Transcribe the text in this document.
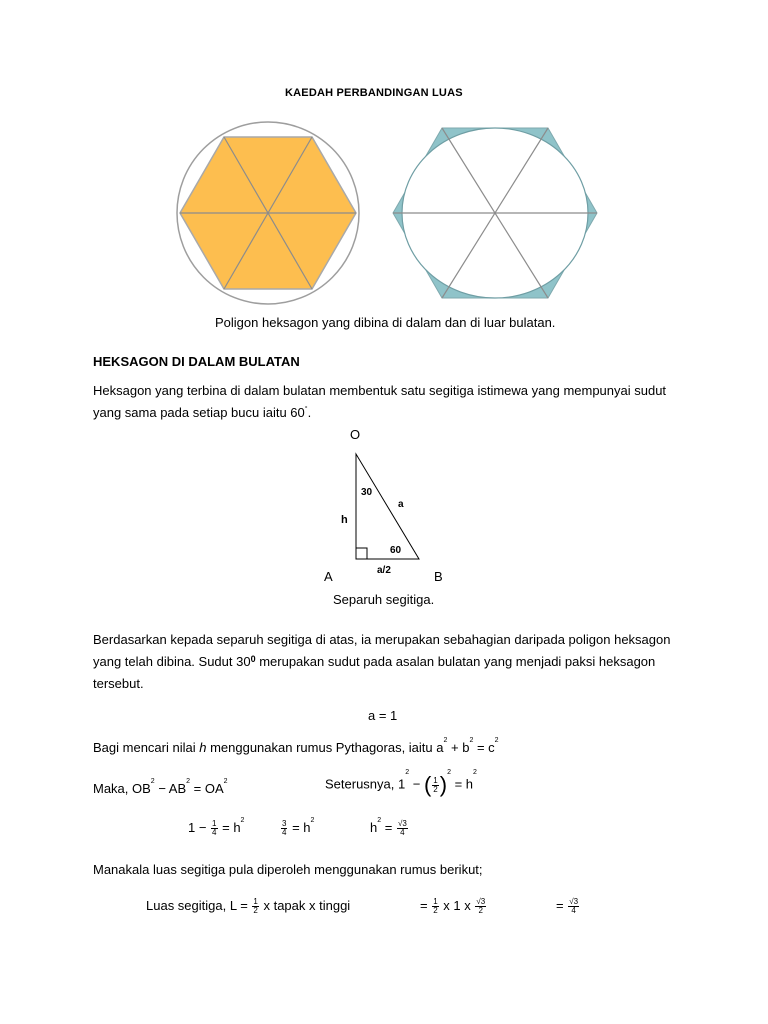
KAEDAH PERBANDINGAN LUAS
Poligon heksagon yang dibina di dalam dan di luar bulatan.
HEKSAGON DI DALAM BULATAN
Heksagon yang terbina di dalam bulatan membentuk satu segitiga istimewa yang mempunyai sudut
yang sama pada setiap bucu iaitu 60°.
O
30
a
h
60
a/2
A	B
Separuh segitiga.
Berdasarkan kepada separuh segitiga di atas, ia merupakan sebahagian daripada poligon heksagon
yang telah dibina. Sudut $30^0$ merupakan sudut pada asalan bulatan yang menjadi paksi heksagon
tersebut.
a = 1
Bagi mencari nilai h menggunakan rumus Pythagoras, iaitu $a^2 + b^2 = c^2$
Maka, $OB^2 - AB^2 = OA^2$	Seterusnya, $1^2$ − ( $\frac{1}{2} )^2 = h^2$
$1 - \frac{1}{4} = h^2$	$\frac{3}{4} = h^2$	$h^2 = \frac{√3}{4}$
Manakala luas segitiga pula diperoleh menggunakan rumus berikut;
Luas segitiga, $L = \frac{1}{2}$ x tapak x tinggi	= $\frac{1}{2}$ x 1 x $\frac{√3}{2}$	= $\frac{√3}{4}$
